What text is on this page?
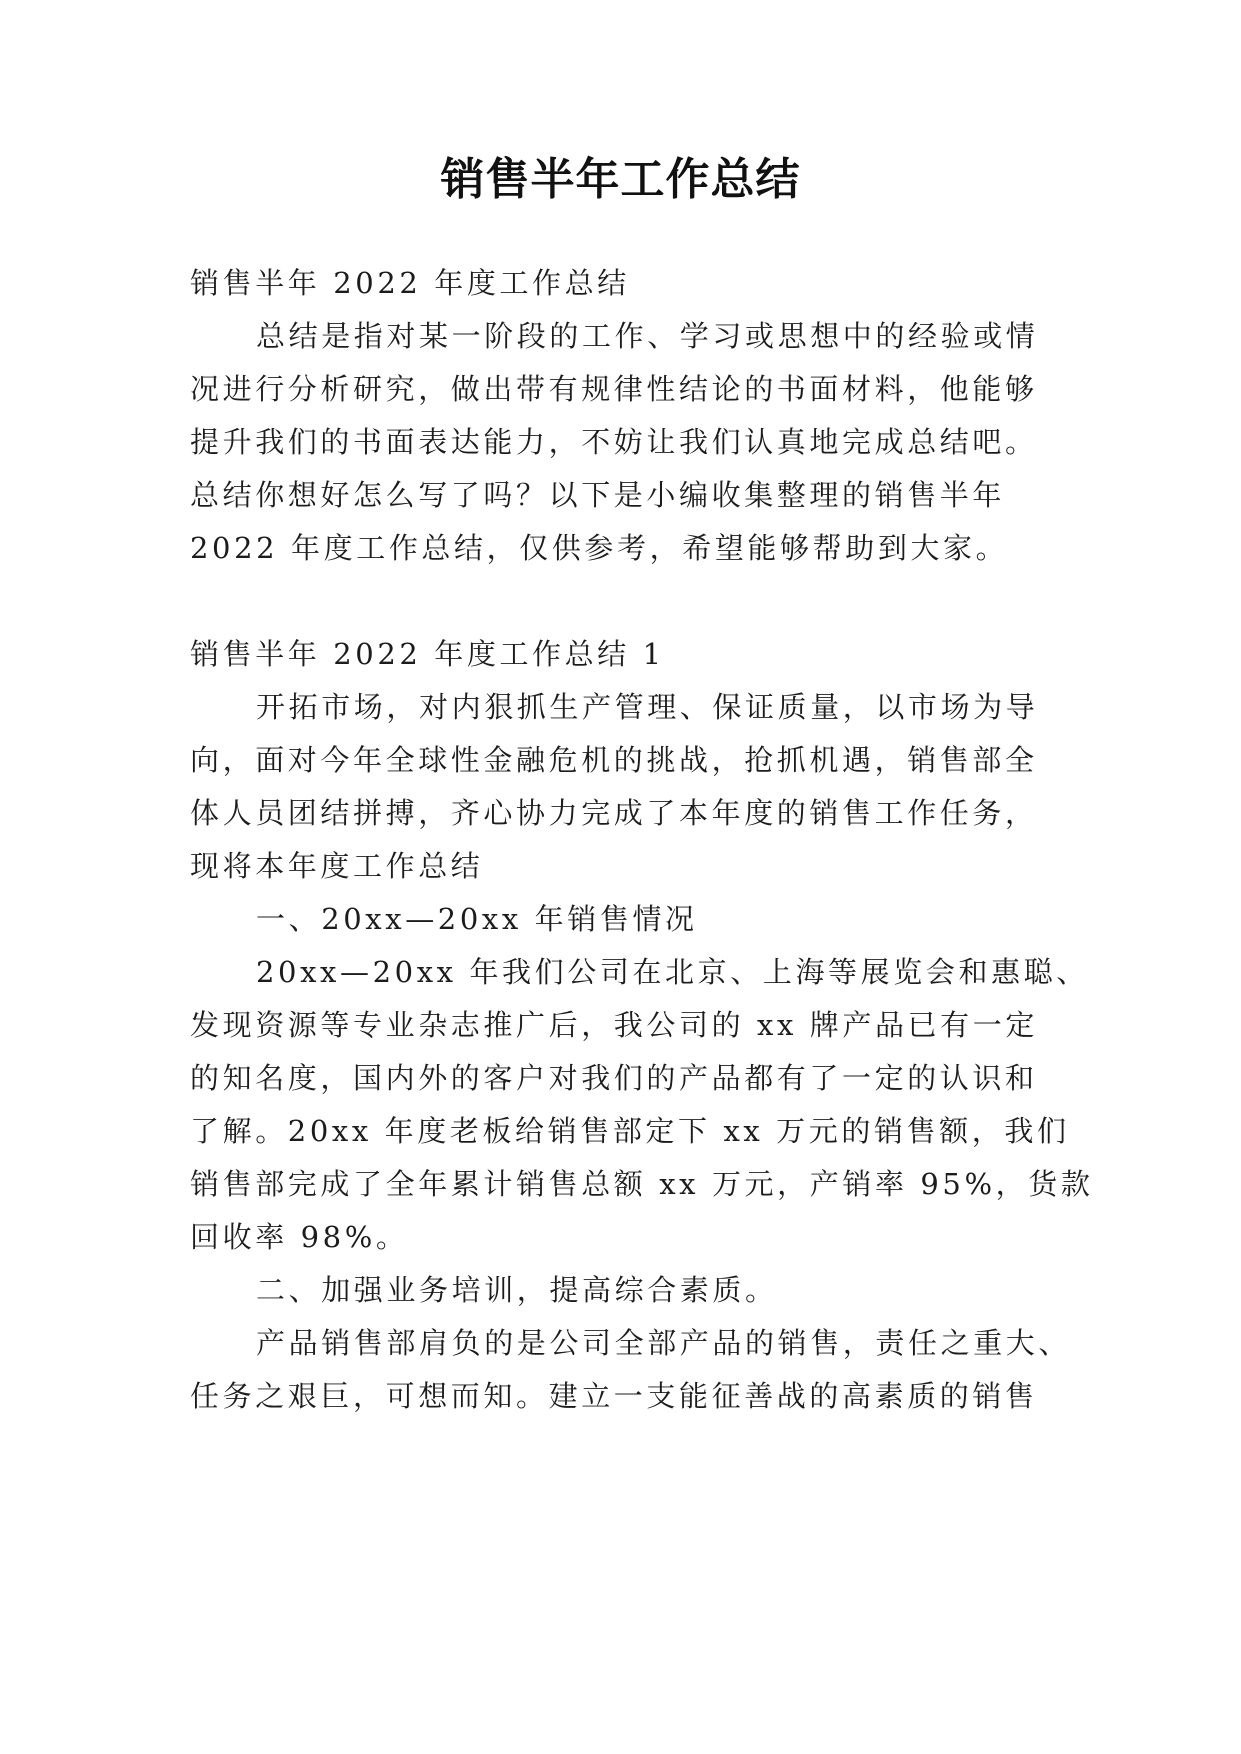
销售半年工作总结
销售半年 2022 年度工作总结
总结是指对某一阶段的工作、学习或思想中的经验或情
况进行分析研究，做出带有规律性结论的书面材料，他能够
提升我们的书面表达能力，不妨让我们认真地完成总结吧。
总结你想好怎么写了吗？以下是小编收集整理的销售半年
2022 年度工作总结，仅供参考，希望能够帮助到大家。
销售半年 2022 年度工作总结 1
开拓市场，对内狠抓生产管理、保证质量，以市场为导
向，面对今年全球性金融危机的挑战，抢抓机遇，销售部全
体人员团结拼搏，齐心协力完成了本年度的销售工作任务，
现将本年度工作总结
一、20xx—20xx 年销售情况
20xx—20xx 年我们公司在北京、上海等展览会和惠聪、
发现资源等专业杂志推广后，我公司的 xx 牌产品已有一定
的知名度，国内外的客户对我们的产品都有了一定的认识和
了解。20xx 年度老板给销售部定下 xx 万元的销售额，我们
销售部完成了全年累计销售总额 xx 万元，产销率 95%，货款
回收率 98%。
二、加强业务培训，提高综合素质。
产品销售部肩负的是公司全部产品的销售，责任之重大、
任务之艰巨，可想而知。建立一支能征善战的高素质的销售
